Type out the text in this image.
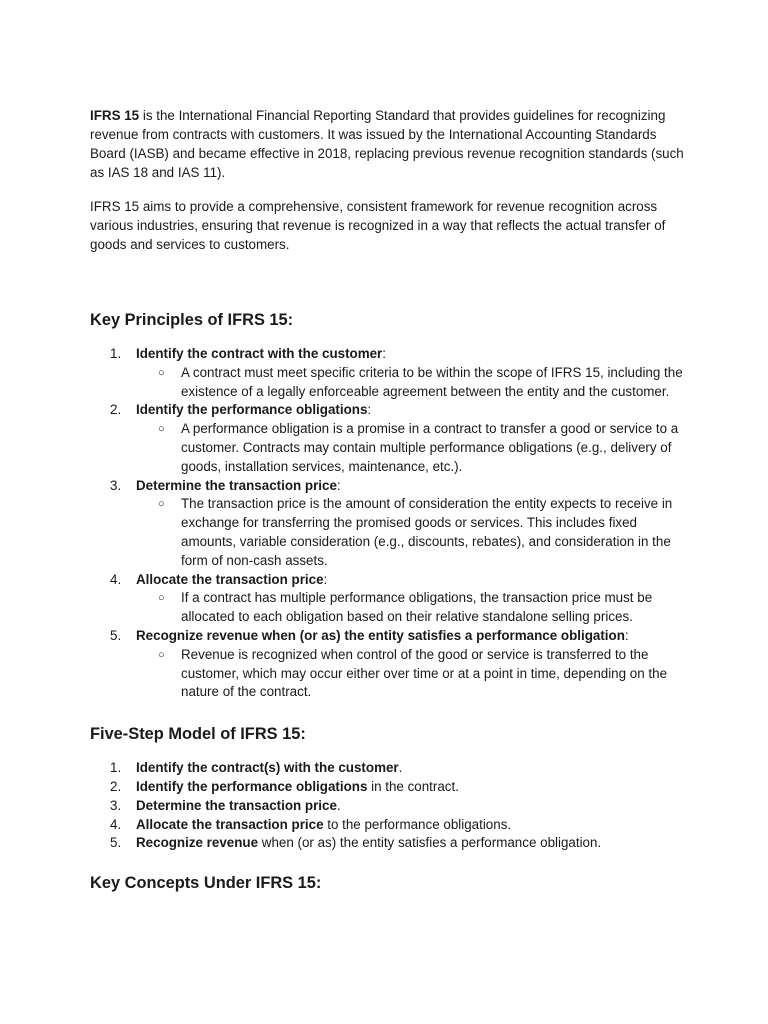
IFRS 15 is the International Financial Reporting Standard that provides guidelines for recognizing revenue from contracts with customers. It was issued by the International Accounting Standards Board (IASB) and became effective in 2018, replacing previous revenue recognition standards (such as IAS 18 and IAS 11).

IFRS 15 aims to provide a comprehensive, consistent framework for revenue recognition across various industries, ensuring that revenue is recognized in a way that reflects the actual transfer of goods and services to customers.

Key Principles of IFRS 15:
1.	Identify the contract with the customer:
○ A contract must meet specific criteria to be within the scope of IFRS 15, including the existence of a legally enforceable agreement between the entity and the customer.
2.	Identify the performance obligations:
○ A performance obligation is a promise in a contract to transfer a good or service to a customer. Contracts may contain multiple performance obligations (e.g., delivery of goods, installation services, maintenance, etc.).
3.	Determine the transaction price:
○ The transaction price is the amount of consideration the entity expects to receive in exchange for transferring the promised goods or services. This includes fixed amounts, variable consideration (e.g., discounts, rebates), and consideration in the form of non-cash assets.
4.	Allocate the transaction price:
○ If a contract has multiple performance obligations, the transaction price must be allocated to each obligation based on their relative standalone selling prices.
5.	Recognize revenue when (or as) the entity satisfies a performance obligation:
○ Revenue is recognized when control of the good or service is transferred to the customer, which may occur either over time or at a point in time, depending on the nature of the contract.
Five-Step Model of IFRS 15:
1.	Identify the contract(s) with the customer.
2.	Identify the performance obligations in the contract.
3.	Determine the transaction price.
4.	Allocate the transaction price to the performance obligations.
5.	Recognize revenue when (or as) the entity satisfies a performance obligation.
Key Concepts Under IFRS 15:
